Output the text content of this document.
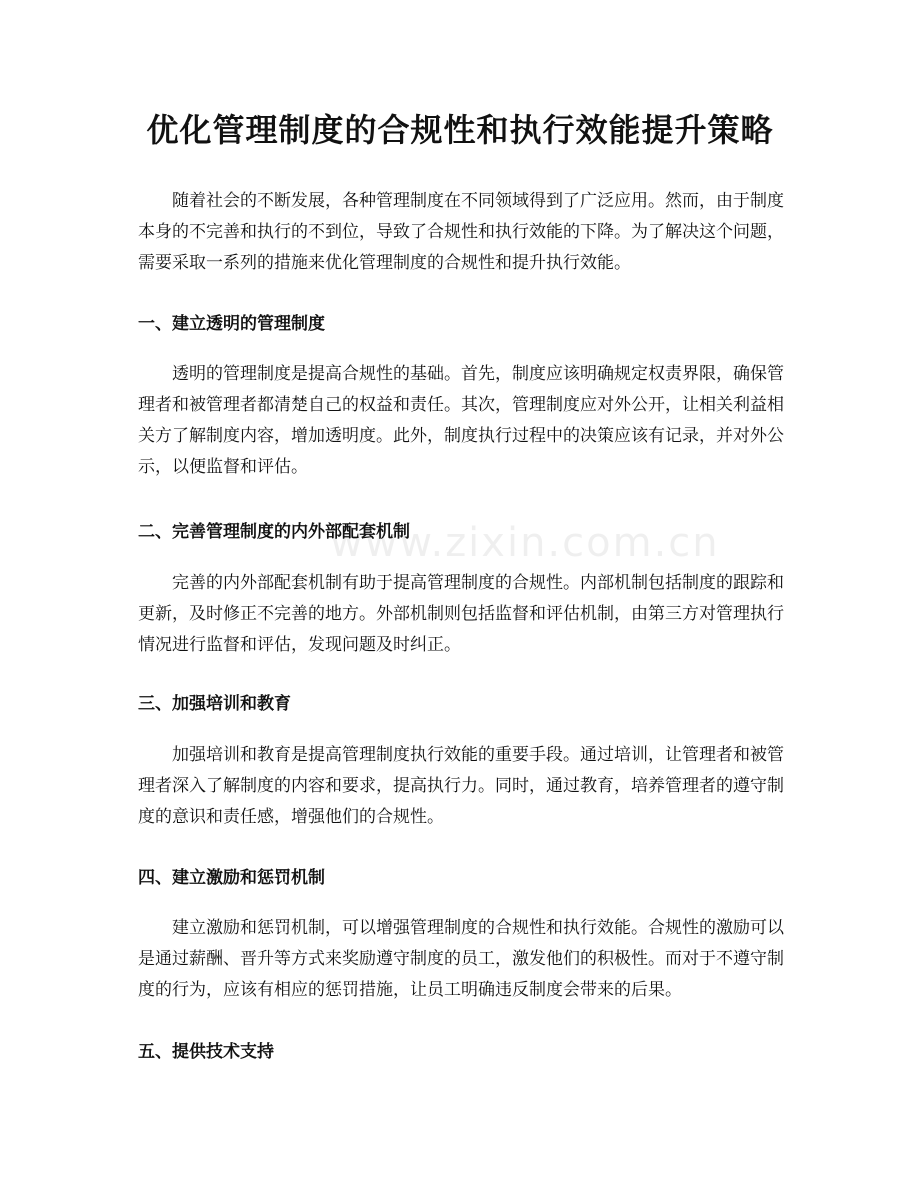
优化管理制度的合规性和执行效能提升策略

随着社会的不断发展，各种管理制度在不同领域得到了广泛应用。然而，由于制度本身的不完善和执行的不到位，导致了合规性和执行效能的下降。为了解决这个问题，需要采取一系列的措施来优化管理制度的合规性和提升执行效能。

一、建立透明的管理制度

透明的管理制度是提高合规性的基础。首先，制度应该明确规定权责界限，确保管理者和被管理者都清楚自己的权益和责任。其次，管理制度应对外公开，让相关利益相关方了解制度内容，增加透明度。此外，制度执行过程中的决策应该有记录，并对外公示，以便监督和评估。

二、完善管理制度的内外部配套机制

完善的内外部配套机制有助于提高管理制度的合规性。内部机制包括制度的跟踪和更新，及时修正不完善的地方。外部机制则包括监督和评估机制，由第三方对管理执行情况进行监督和评估，发现问题及时纠正。

三、加强培训和教育

加强培训和教育是提高管理制度执行效能的重要手段。通过培训，让管理者和被管理者深入了解制度的内容和要求，提高执行力。同时，通过教育，培养管理者的遵守制度的意识和责任感，增强他们的合规性。

四、建立激励和惩罚机制

建立激励和惩罚机制，可以增强管理制度的合规性和执行效能。合规性的激励可以是通过薪酬、晋升等方式来奖励遵守制度的员工，激发他们的积极性。而对于不遵守制度的行为，应该有相应的惩罚措施，让员工明确违反制度会带来的后果。

五、提供技术支持
www.zixin.com.cn
